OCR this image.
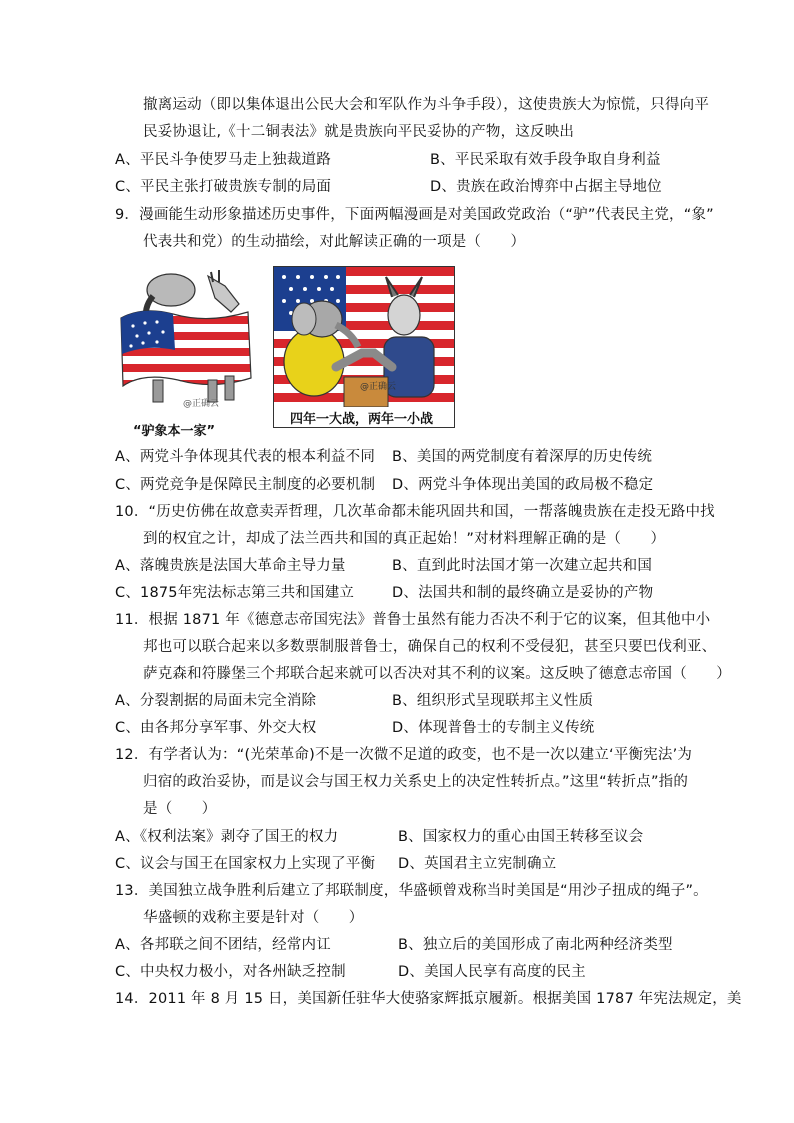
撤离运动（即以集体退出公民大会和军队作为斗争手段），这使贵族大为惊慌，只得向平
民妥协退让,《十二铜表法》就是贵族向平民妥协的产物，这反映出
A、平民斗争使罗马走上独裁道路	B、平民采取有效手段争取自身利益
C、平民主张打破贵族专制的局面	D、贵族在政治博弈中占据主导地位
9．漫画能生动形象描述历史事件，下面两幅漫画是对美国政党政治（“驴”代表民主党，“象”
代表共和党）的生动描绘，对此解读正确的一项是（　　）
@正确云
“驴象本一家”
@正确云
四年一大战，两年一小战
A、两党斗争体现其代表的根本利益不同 B、美国的两党制度有着深厚的历史传统
C、两党竞争是保障民主制度的必要机制 D、两党斗争体现出美国的政局极不稳定
10．“历史仿佛在故意卖弄哲理，几次革命都未能巩固共和国，一帮落魄贵族在走投无路中找
到的权宜之计，却成了法兰西共和国的真正起始！”对材料理解正确的是（　　）
A、落魄贵族是法国大革命主导力量	B、直到此时法国才第一次建立起共和国
C、1875年宪法标志第三共和国建立	D、法国共和制的最终确立是妥协的产物
11．根据 1871 年《德意志帝国宪法》普鲁士虽然有能力否决不利于它的议案，但其他中小
邦也可以联合起来以多数票制服普鲁士，确保自己的权利不受侵犯，甚至只要巴伐利亚、
萨克森和符滕堡三个邦联合起来就可以否决对其不利的议案。这反映了德意志帝国（　　）
A、分裂割据的局面未完全消除	B、组织形式呈现联邦主义性质
C、由各邦分享军事、外交大权	D、体现普鲁士的专制主义传统
12．有学者认为：“(光荣革命)不是一次微不足道的政变，也不是一次以建立‘平衡宪法’为
归宿的政治妥协，而是议会与国王权力关系史上的决定性转折点。”这里“转折点”指的
是（　　）
A、《权利法案》剥夺了国王的权力	B、国家权力的重心由国王转移至议会
C、议会与国王在国家权力上实现了平衡 D、英国君主立宪制确立
13．美国独立战争胜利后建立了邦联制度，华盛顿曾戏称当时美国是“用沙子扭成的绳子”。
华盛顿的戏称主要是针对（　　）
A、各邦联之间不团结，经常内讧	B、独立后的美国形成了南北两种经济类型
C、中央权力极小，对各州缺乏控制	D、美国人民享有高度的民主
14．2011 年 8 月 15 日，美国新任驻华大使骆家辉抵京履新。根据美国 1787 年宪法规定，美
